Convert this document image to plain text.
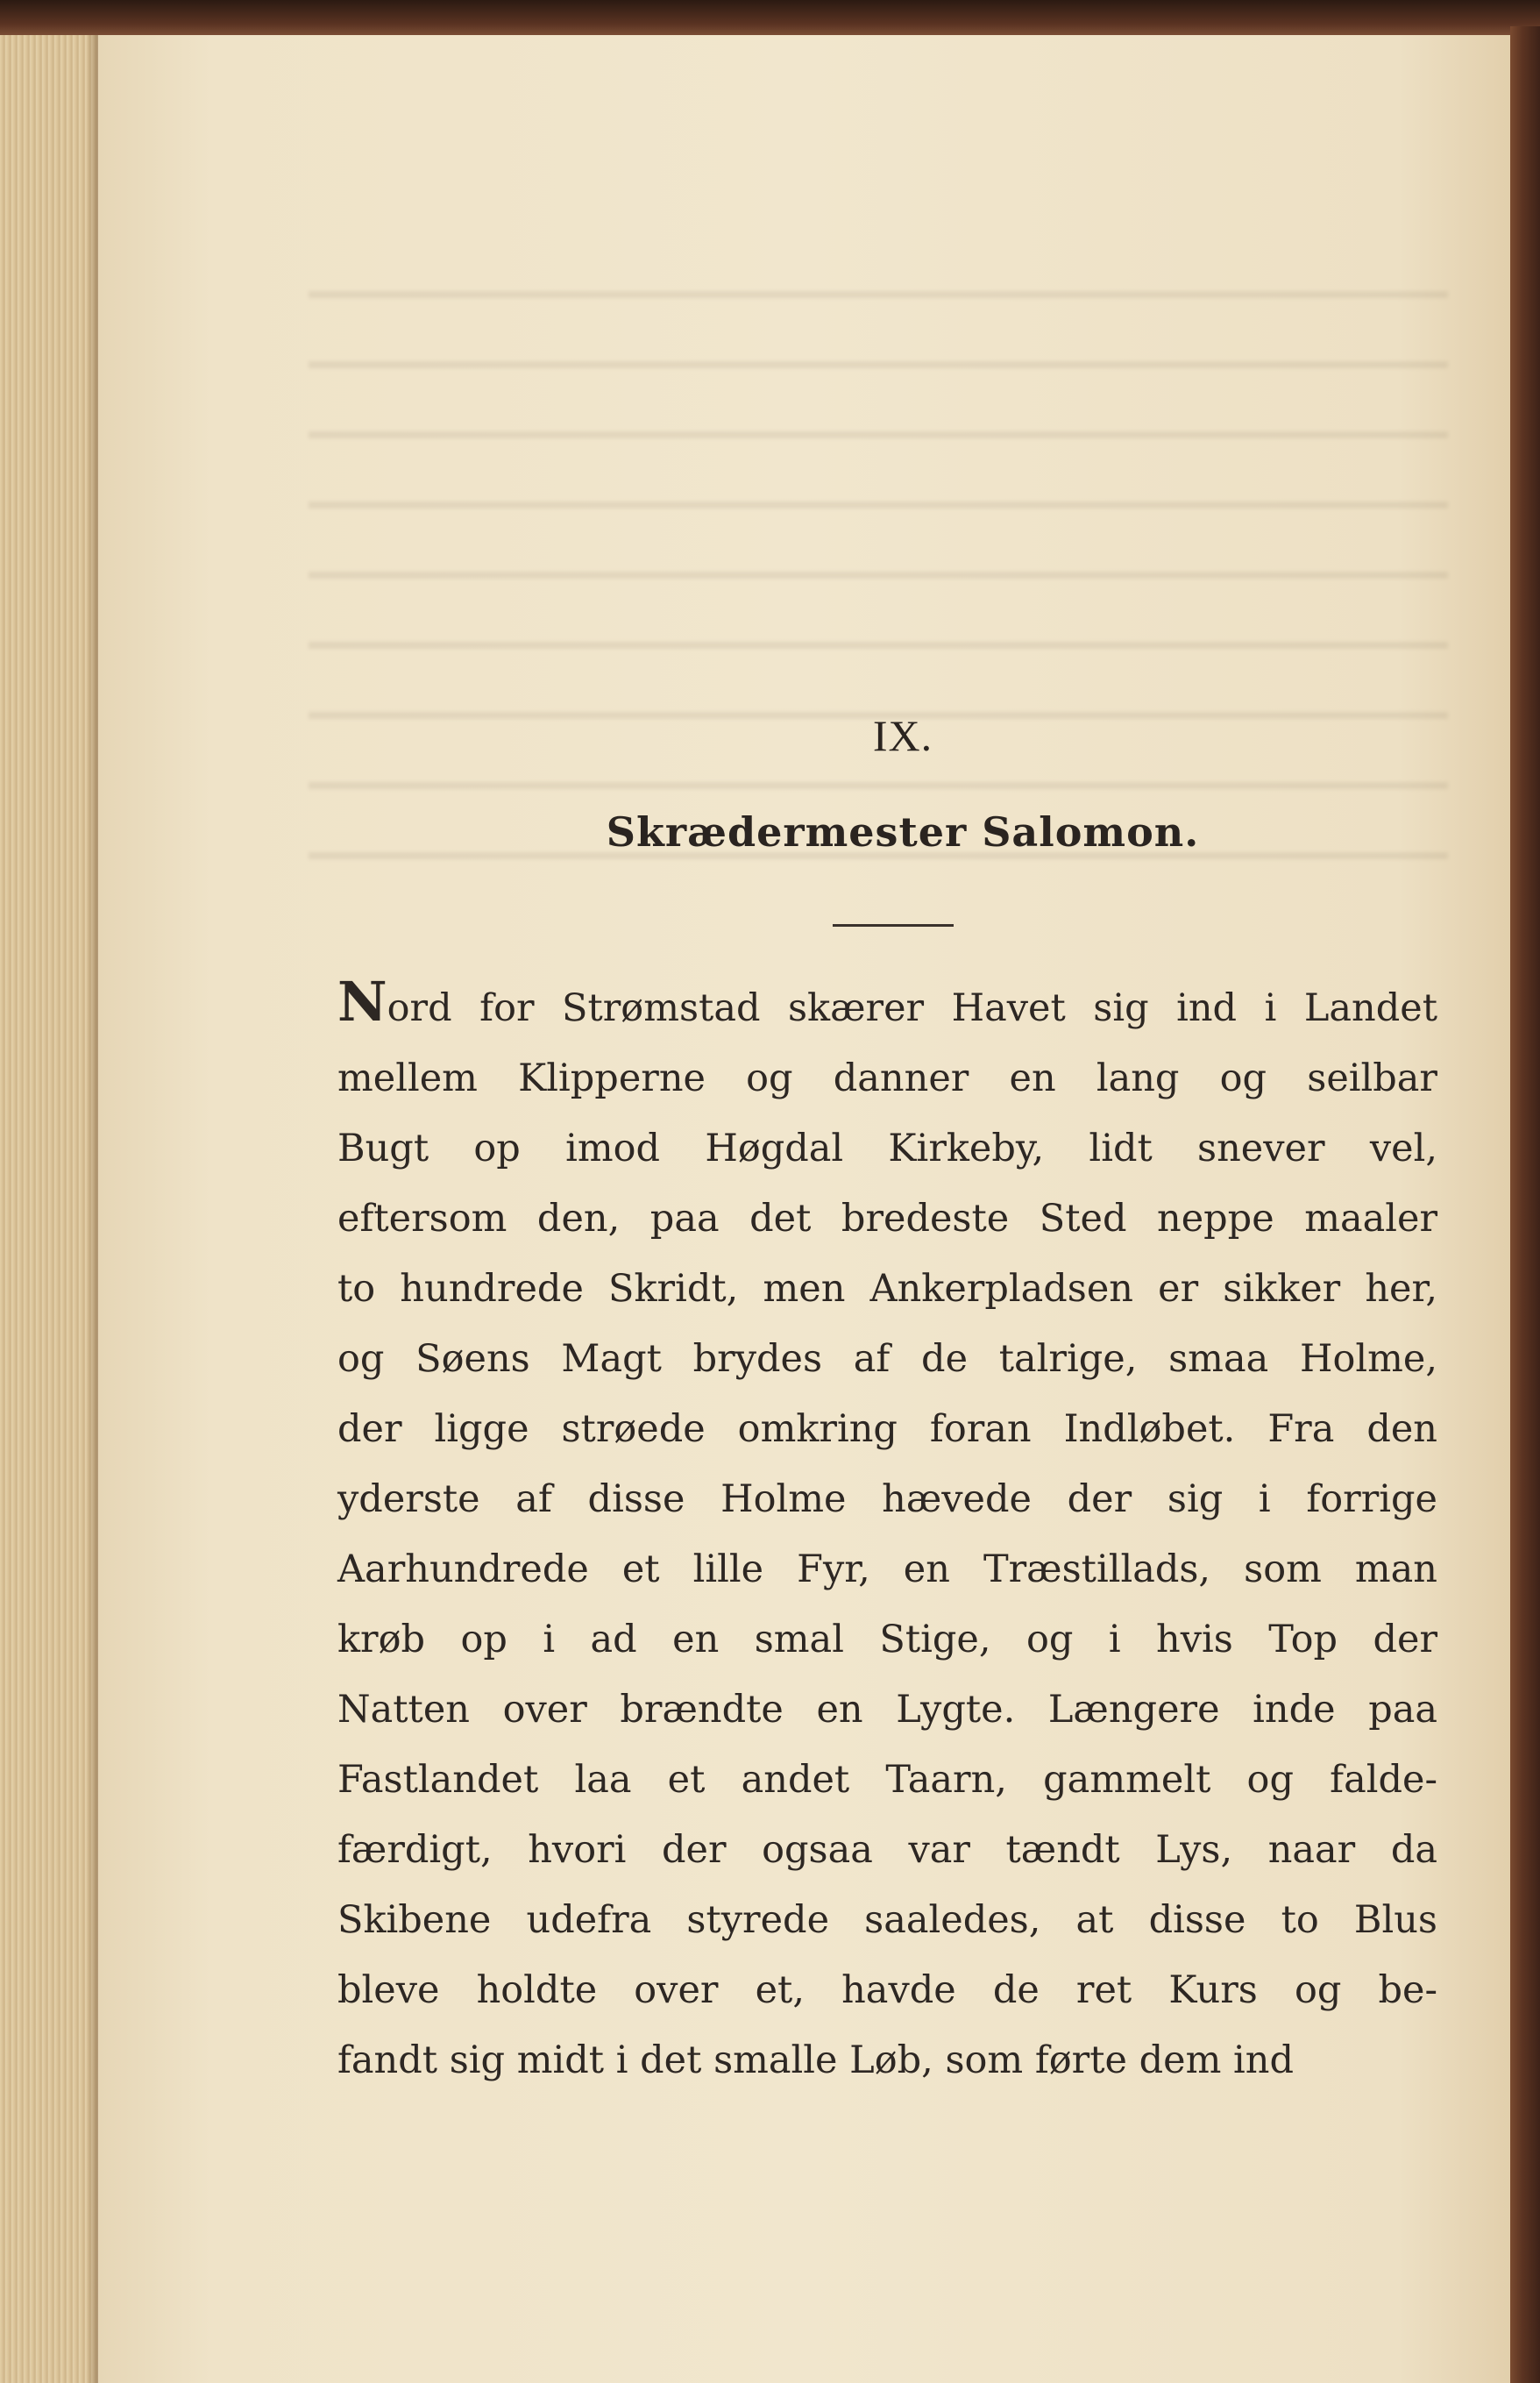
IX.
Skrædermester Salomon.
Nord for Strømstad skærer Havet sig ind i Landet
mellem Klipperne og danner en lang og seilbar
Bugt op imod Høgdal Kirkeby, lidt snever vel,
eftersom den, paa det bredeste Sted neppe maaler
to hundrede Skridt, men Ankerpladsen er sikker her,
og Søens Magt brydes af de talrige, smaa Holme,
der ligge strøede omkring foran Indløbet. Fra den
yderste af disse Holme hævede der sig i forrige
Aarhundrede et lille Fyr, en Træstillads, som man
krøb op i ad en smal Stige, og i hvis Top der
Natten over brændte en Lygte. Længere inde paa
Fastlandet laa et andet Taarn, gammelt og falde-
færdigt, hvori der ogsaa var tændt Lys, naar da
Skibene udefra styrede saaledes, at disse to Blus
bleve holdte over et, havde de ret Kurs og be-
fandt sig midt i det smalle Løb, som førte dem ind
